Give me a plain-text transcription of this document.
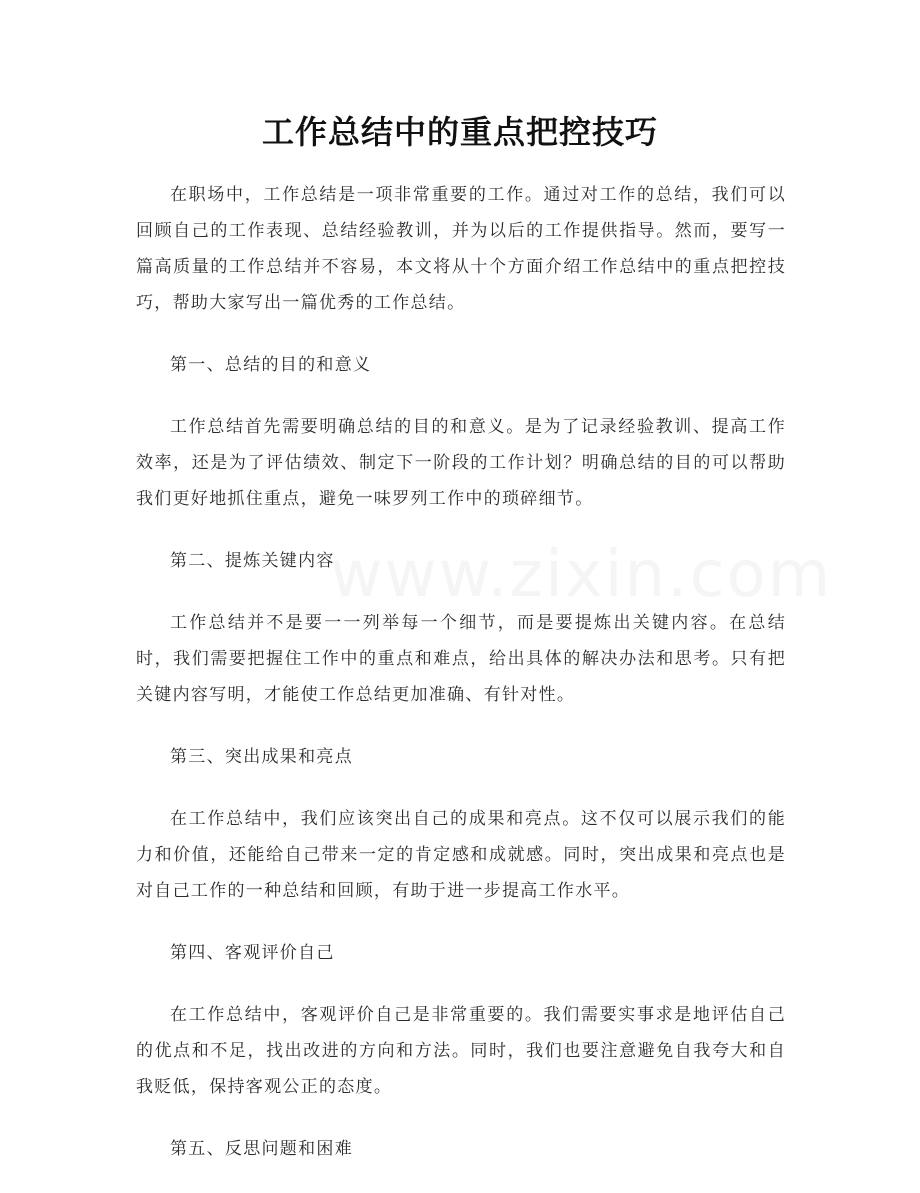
www.zixin.com
工作总结中的重点把控技巧

在职场中，工作总结是一项非常重要的工作。通过对工作的总结，我们可以回顾自己的工作表现、总结经验教训，并为以后的工作提供指导。然而，要写一篇高质量的工作总结并不容易，本文将从十个方面介绍工作总结中的重点把控技巧，帮助大家写出一篇优秀的工作总结。

第一、总结的目的和意义

工作总结首先需要明确总结的目的和意义。是为了记录经验教训、提高工作效率，还是为了评估绩效、制定下一阶段的工作计划？明确总结的目的可以帮助我们更好地抓住重点，避免一味罗列工作中的琐碎细节。

第二、提炼关键内容

工作总结并不是要一一列举每一个细节，而是要提炼出关键内容。在总结时，我们需要把握住工作中的重点和难点，给出具体的解决办法和思考。只有把关键内容写明，才能使工作总结更加准确、有针对性。

第三、突出成果和亮点

在工作总结中，我们应该突出自己的成果和亮点。这不仅可以展示我们的能力和价值，还能给自己带来一定的肯定感和成就感。同时，突出成果和亮点也是对自己工作的一种总结和回顾，有助于进一步提高工作水平。

第四、客观评价自己

在工作总结中，客观评价自己是非常重要的。我们需要实事求是地评估自己的优点和不足，找出改进的方向和方法。同时，我们也要注意避免自我夸大和自我贬低，保持客观公正的态度。

第五、反思问题和困难
